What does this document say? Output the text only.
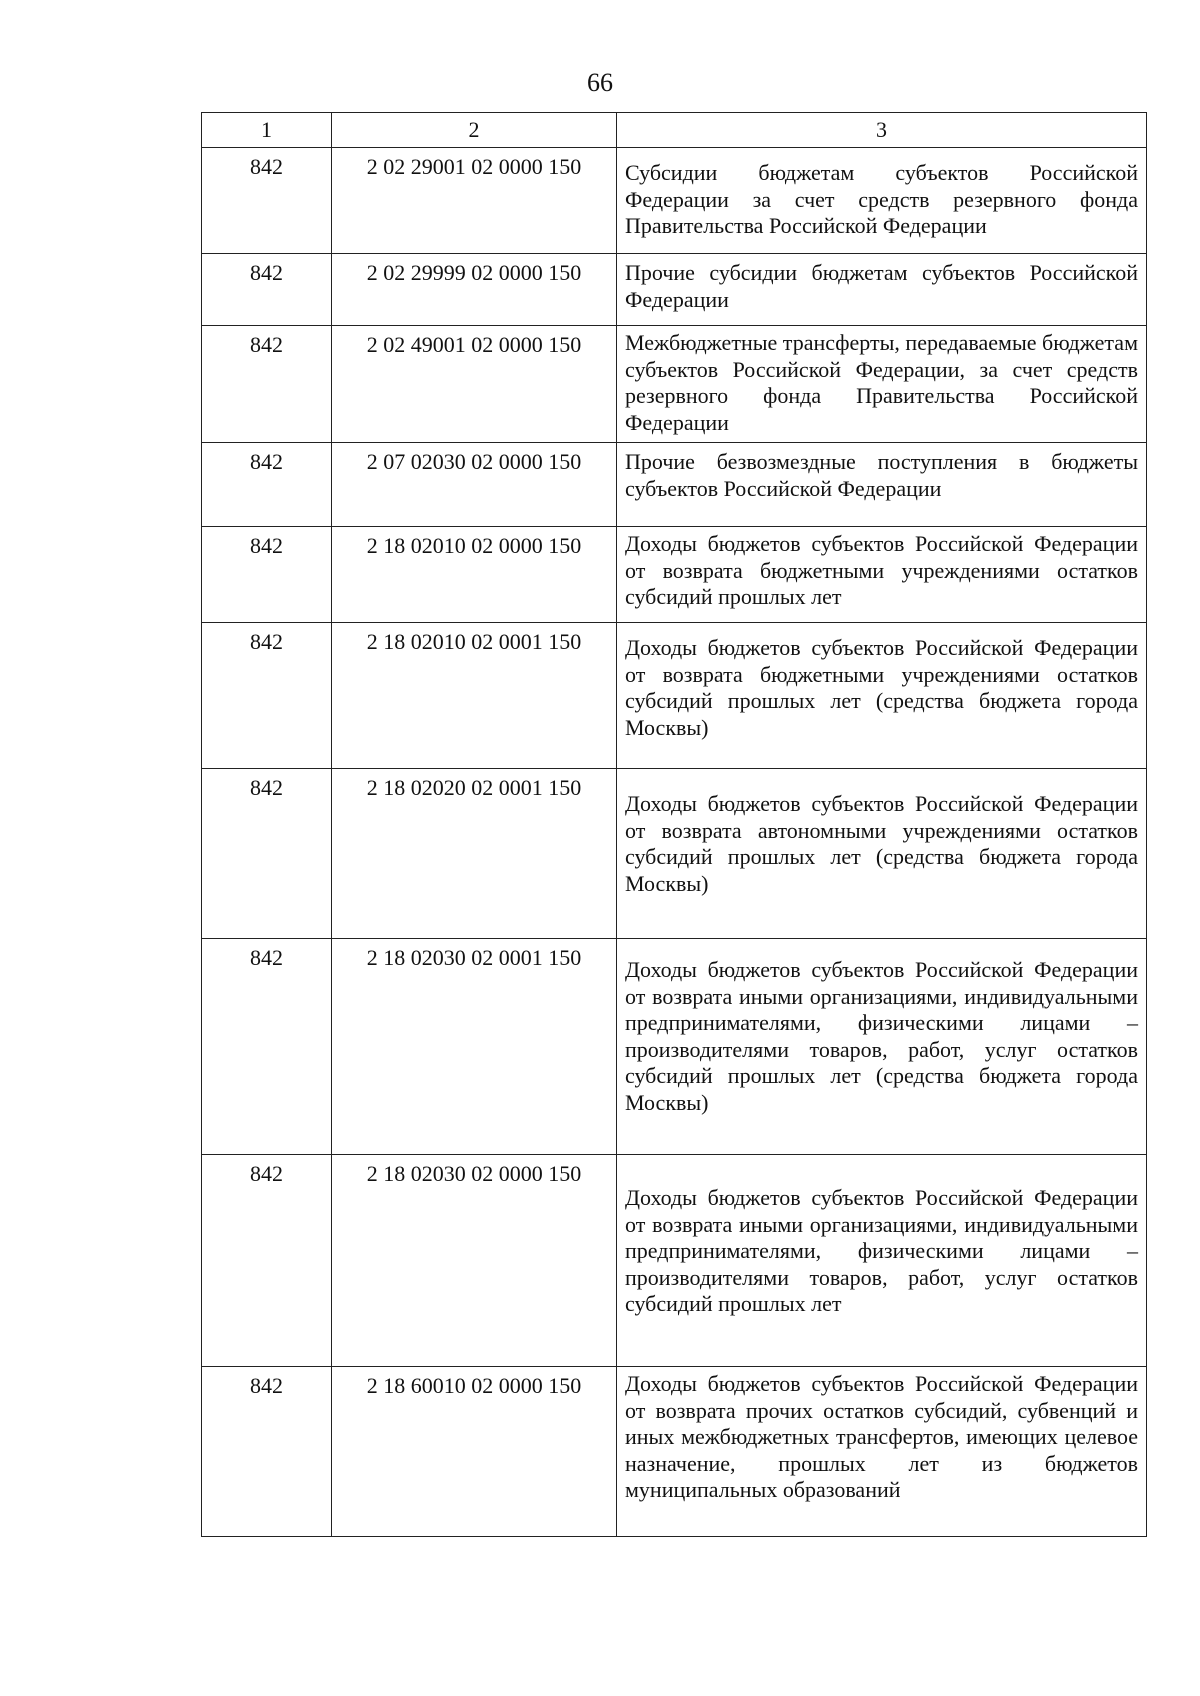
66
1	2	3
842	2 02 29001 02 0000 150	Субсидии бюджетам субъектов Российской Федерации за счет средств резервного фонда Правительства Российской Федерации
842	2 02 29999 02 0000 150	Прочие субсидии бюджетам субъектов Российской Федерации
842	2 02 49001 02 0000 150	Межбюджетные трансферты, передаваемые бюджетам субъектов Российской Федерации, за счет средств резервного фонда Правительства Российской Федерации
842	2 07 02030 02 0000 150	Прочие безвозмездные поступления в бюджеты субъектов Российской Федерации
842	2 18 02010 02 0000 150	Доходы бюджетов субъектов Российской Федерации от возврата бюджетными учреждениями остатков субсидий прошлых лет
842	2 18 02010 02 0001 150	Доходы бюджетов субъектов Российской Федерации от возврата бюджетными учреждениями остатков субсидий прошлых лет (средства бюджета города Москвы)
842	2 18 02020 02 0001 150	Доходы бюджетов субъектов Российской Федерации от возврата автономными учреждениями остатков субсидий прошлых лет (средства бюджета города Москвы)
842	2 18 02030 02 0001 150	Доходы бюджетов субъектов Российской Федерации от возврата иными организациями, индивидуальными предпринимателями, физическими лицами – производителями товаров, работ, услуг остатков субсидий прошлых лет (средства бюджета города Москвы)
842	2 18 02030 02 0000 150	Доходы бюджетов субъектов Российской Федерации от возврата иными организациями, индивидуальными предпринимателями, физическими лицами – производителями товаров, работ, услуг остатков субсидий прошлых лет
842	2 18 60010 02 0000 150	Доходы бюджетов субъектов Российской Федерации от возврата прочих остатков субсидий, субвенций и иных межбюджетных трансфертов, имеющих целевое назначение, прошлых лет из бюджетов муниципальных образований
